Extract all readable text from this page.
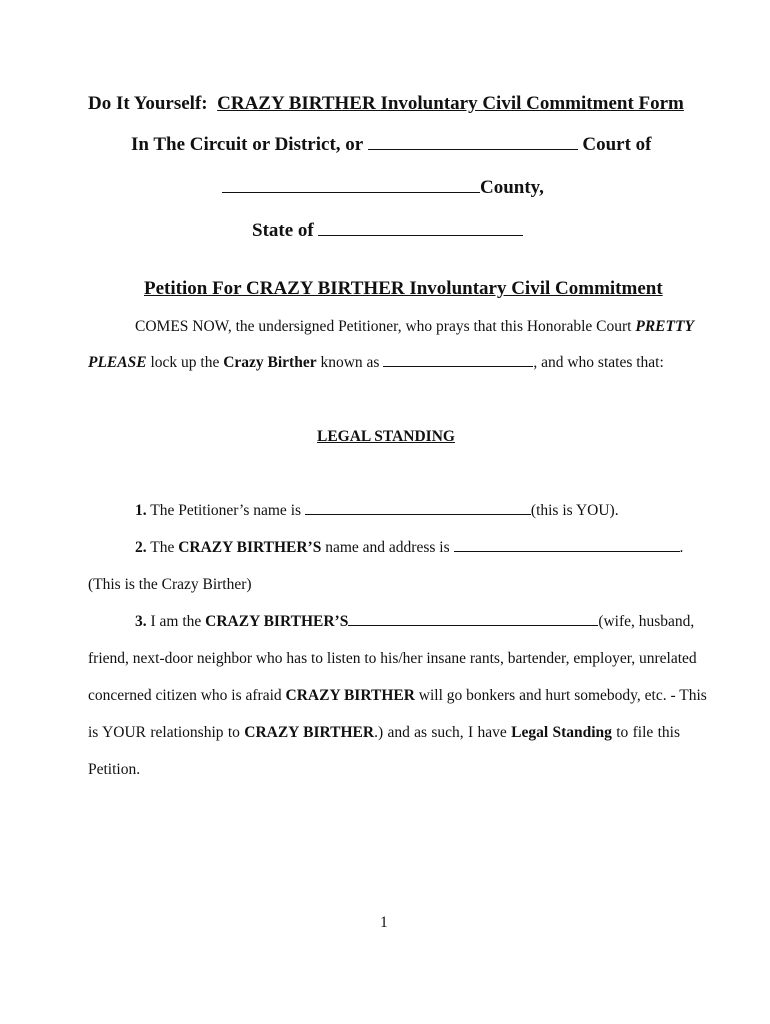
Do It Yourself: CRAZY BIRTHER Involuntary Civil Commitment Form
In The Circuit or District, or	Court of
County,
State of
Petition For CRAZY BIRTHER Involuntary Civil Commitment
COMES NOW, the undersigned Petitioner, who prays that this Honorable Court PRETTY
PLEASE lock up the Crazy Birther known as	, and who states that:
LEGAL STANDING
1. The Petitioner’s name is	(this is YOU).
2. The CRAZY BIRTHER’S name and address is	.
(This is the Crazy Birther)
3. I am the CRAZY BIRTHER’S	(wife, husband,
friend, next-door neighbor who has to listen to his/her insane rants, bartender, employer, unrelated
concerned citizen who is afraid CRAZY BIRTHER will go bonkers and hurt somebody, etc. - This
is YOUR relationship to CRAZY BIRTHER.) and as such, I have Legal Standing to file this
Petition.
1
